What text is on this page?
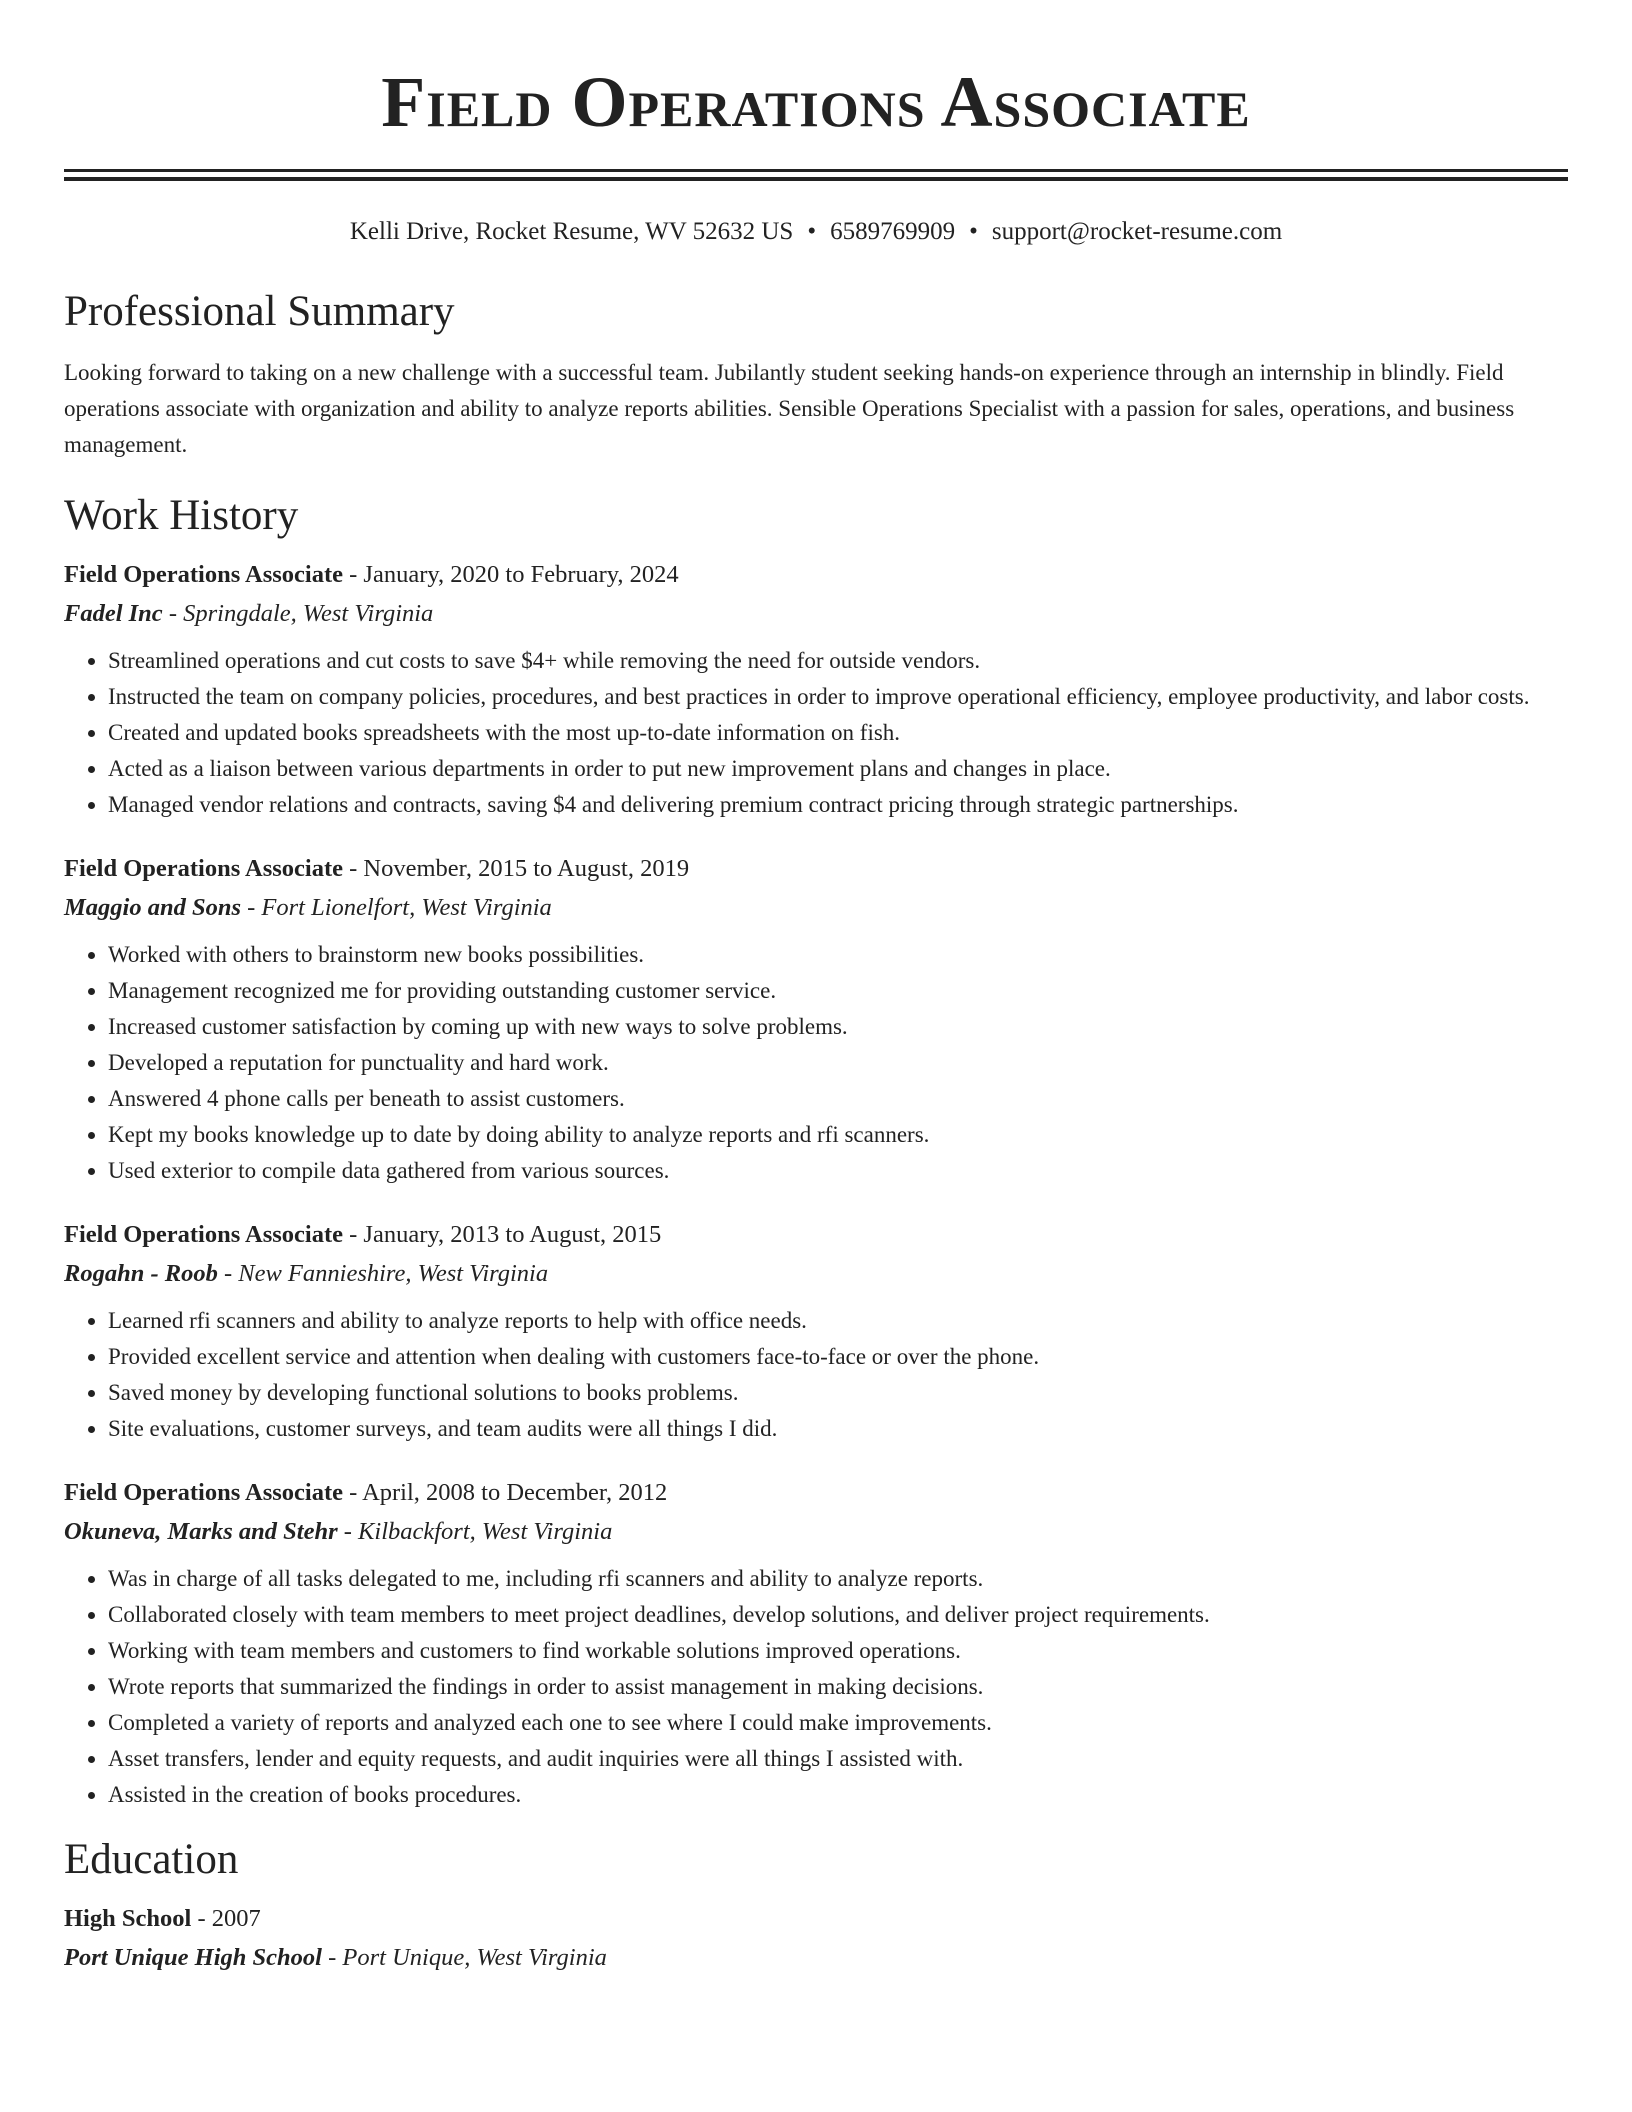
Field Operations Associate
Kelli Drive, Rocket Resume, WV 52632 US • 6589769909 • support@rocket-resume.com
Professional Summary

Looking forward to taking on a new challenge with a successful team. Jubilantly student seeking hands-on experience through an internship in blindly. Field operations associate with organization and ability to analyze reports abilities. Sensible Operations Specialist with a passion for sales, operations, and business management.

Work History
Field Operations Associate - January, 2020 to February, 2024
Fadel Inc - Springdale, West Virginia
• Streamlined operations and cut costs to save $4+ while removing the need for outside vendors.
• Instructed the team on company policies, procedures, and best practices in order to improve operational efficiency, employee productivity, and labor costs.
• Created and updated books spreadsheets with the most up-to-date information on fish.
• Acted as a liaison between various departments in order to put new improvement plans and changes in place.
• Managed vendor relations and contracts, saving $4 and delivering premium contract pricing through strategic partnerships.
Field Operations Associate - November, 2015 to August, 2019
Maggio and Sons - Fort Lionelfort, West Virginia
• Worked with others to brainstorm new books possibilities.
• Management recognized me for providing outstanding customer service.
• Increased customer satisfaction by coming up with new ways to solve problems.
• Developed a reputation for punctuality and hard work.
• Answered 4 phone calls per beneath to assist customers.
• Kept my books knowledge up to date by doing ability to analyze reports and rfi scanners.
• Used exterior to compile data gathered from various sources.
Field Operations Associate - January, 2013 to August, 2015
Rogahn - Roob - New Fannieshire, West Virginia
• Learned rfi scanners and ability to analyze reports to help with office needs.
• Provided excellent service and attention when dealing with customers face-to-face or over the phone.
• Saved money by developing functional solutions to books problems.
• Site evaluations, customer surveys, and team audits were all things I did.
Field Operations Associate - April, 2008 to December, 2012
Okuneva, Marks and Stehr - Kilbackfort, West Virginia
• Was in charge of all tasks delegated to me, including rfi scanners and ability to analyze reports.
• Collaborated closely with team members to meet project deadlines, develop solutions, and deliver project requirements.
• Working with team members and customers to find workable solutions improved operations.
• Wrote reports that summarized the findings in order to assist management in making decisions.
• Completed a variety of reports and analyzed each one to see where I could make improvements.
• Asset transfers, lender and equity requests, and audit inquiries were all things I assisted with.
• Assisted in the creation of books procedures.
Education
High School - 2007
Port Unique High School - Port Unique, West Virginia
